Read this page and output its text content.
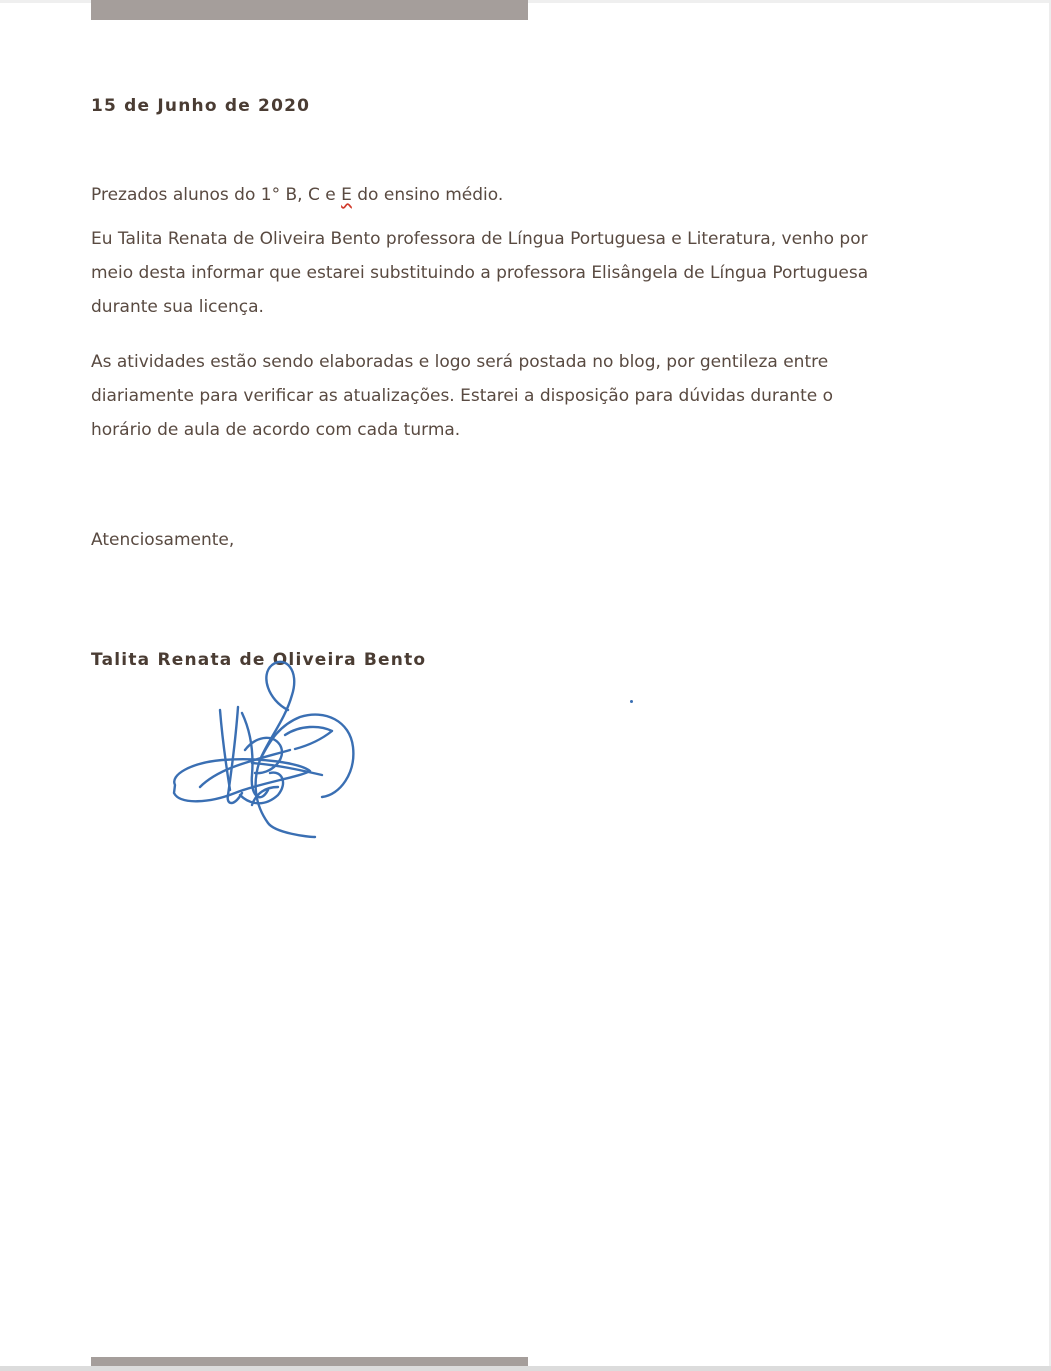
15 de Junho de 2020
Prezados alunos do 1° B, C e E do ensino médio.
Eu Talita Renata de Oliveira Bento professora de Língua Portuguesa e Literatura, venho por
meio desta informar que estarei substituindo a professora Elisângela de Língua Portuguesa
durante sua licença.
As atividades estão sendo elaboradas e logo será postada no blog, por gentileza entre
diariamente para verificar as atualizações. Estarei a disposição para dúvidas durante o
horário de aula de acordo com cada turma.
Atenciosamente,
Talita Renata de Oliveira Bento
